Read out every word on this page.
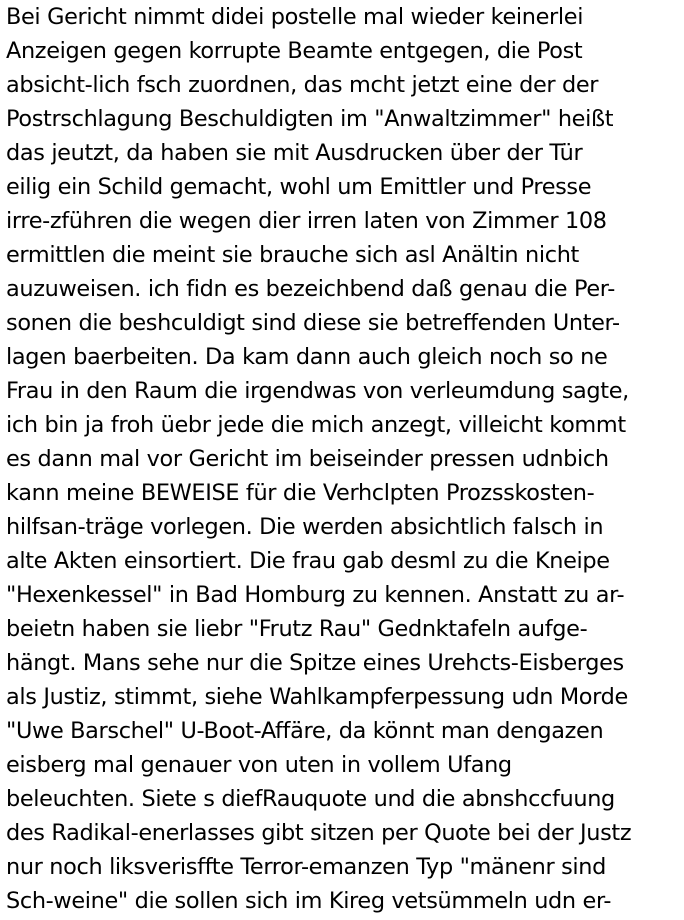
Bei Gericht nimmt didei postelle mal wieder keinerlei
Anzeigen gegen korrupte Beamte entgegen, die Post
absicht-lich fsch zuordnen, das mcht jetzt eine der der
Postrschlagung Beschuldigten im "Anwaltzimmer" heißt
das jeutzt, da haben sie mit Ausdrucken über der Tür
eilig ein Schild gemacht, wohl um Emittler und Presse
irre-zführen die wegen dier irren laten von Zimmer 108
ermittlen die meint sie brauche sich asl Anältin nicht
auzuweisen. ich fidn es bezeichbend daß genau die Per-
sonen die beshculdigt sind diese sie betreffenden Unter-
lagen baerbeiten. Da kam dann auch gleich noch so ne
Frau in den Raum die irgendwas von verleumdung sagte,
ich bin ja froh üebr jede die mich anzegt, villeicht kommt
es dann mal vor Gericht im beiseinder pressen udnbich
kann meine BEWEISE für die Verhclpten Prozsskosten-
hilfsan-träge vorlegen. Die werden absichtlich falsch in
alte Akten einsortiert. Die frau gab desml zu die Kneipe
"Hexenkessel" in Bad Homburg zu kennen. Anstatt zu ar-
beietn haben sie liebr "Frutz Rau" Gednktafeln aufge-
hängt. Mans sehe nur die Spitze eines Urehcts-Eisberges
als Justiz, stimmt, siehe Wahlkampferpessung udn Morde
"Uwe Barschel" U-Boot-Affäre, da könnt man dengazen
eisberg mal genauer von uten in vollem Ufang
beleuchten. Siete s diefRauquote und die abnshccfuung
des Radikal-enerlasses gibt sitzen per Quote bei der Justz
nur noch liksverisffte Terror-emanzen Typ "mänenr sind
Sch-weine" die sollen sich im Kireg vetsümmeln udn er-
